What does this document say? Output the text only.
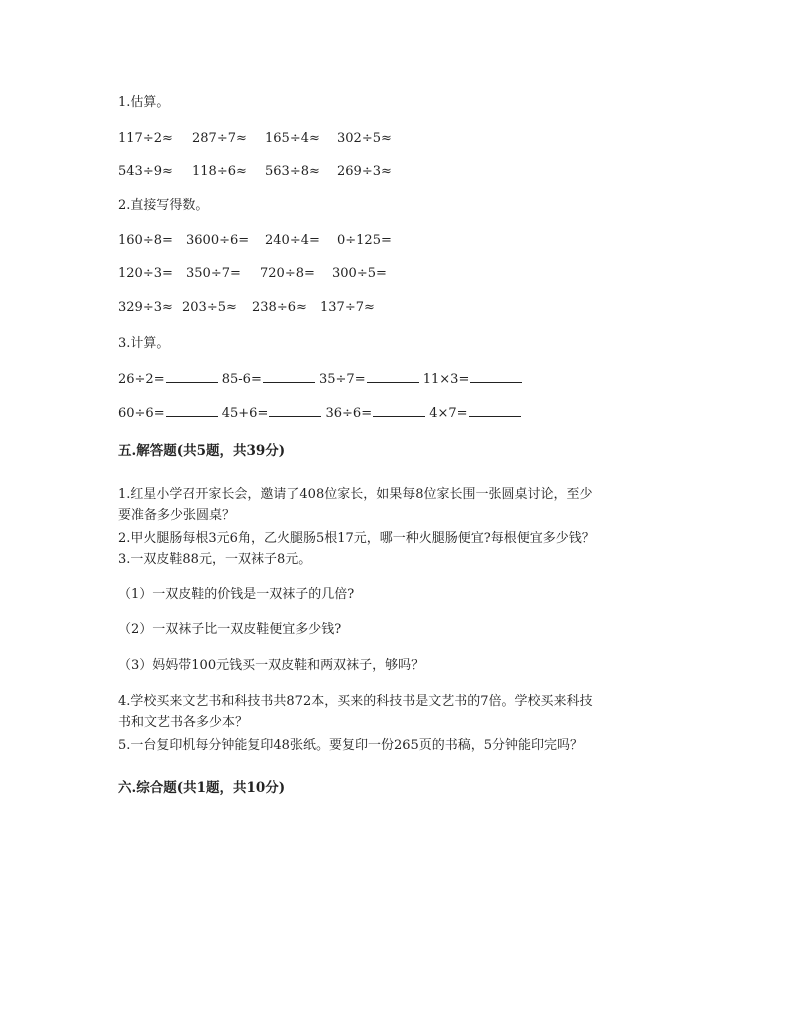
1.估算。
117÷2≈ 287÷7≈ 165÷4≈ 302÷5≈
543÷9≈ 118÷6≈ 563÷8≈ 269÷3≈
2.直接写得数。
160÷8= 3600÷6= 240÷4= 0÷125=
120÷3= 350÷7= 720÷8= 300÷5=
329÷3≈ 203÷5≈ 238÷6≈ 137÷7≈
3.计算。
26÷2=	85-6=	35÷7=	11×3=
60÷6=	45+6=	36÷6=	4×7=
五.解答题(共5题，共39分)
1.红星小学召开家长会，邀请了408位家长，如果每8位家长围一张圆桌讨论，至少
要准备多少张圆桌？
2.甲火腿肠每根3元6角，乙火腿肠5根17元，哪一种火腿肠便宜?每根便宜多少钱？
3.一双皮鞋88元，一双袜子8元。
（1）一双皮鞋的价钱是一双袜子的几倍?
（2）一双袜子比一双皮鞋便宜多少钱?
（3）妈妈带100元钱买一双皮鞋和两双袜子，够吗？
4.学校买来文艺书和科技书共872本，买来的科技书是文艺书的7倍。学校买来科技
书和文艺书各多少本？
5.一台复印机每分钟能复印48张纸。要复印一份265页的书稿，5分钟能印完吗？
六.综合题(共1题，共10分)
